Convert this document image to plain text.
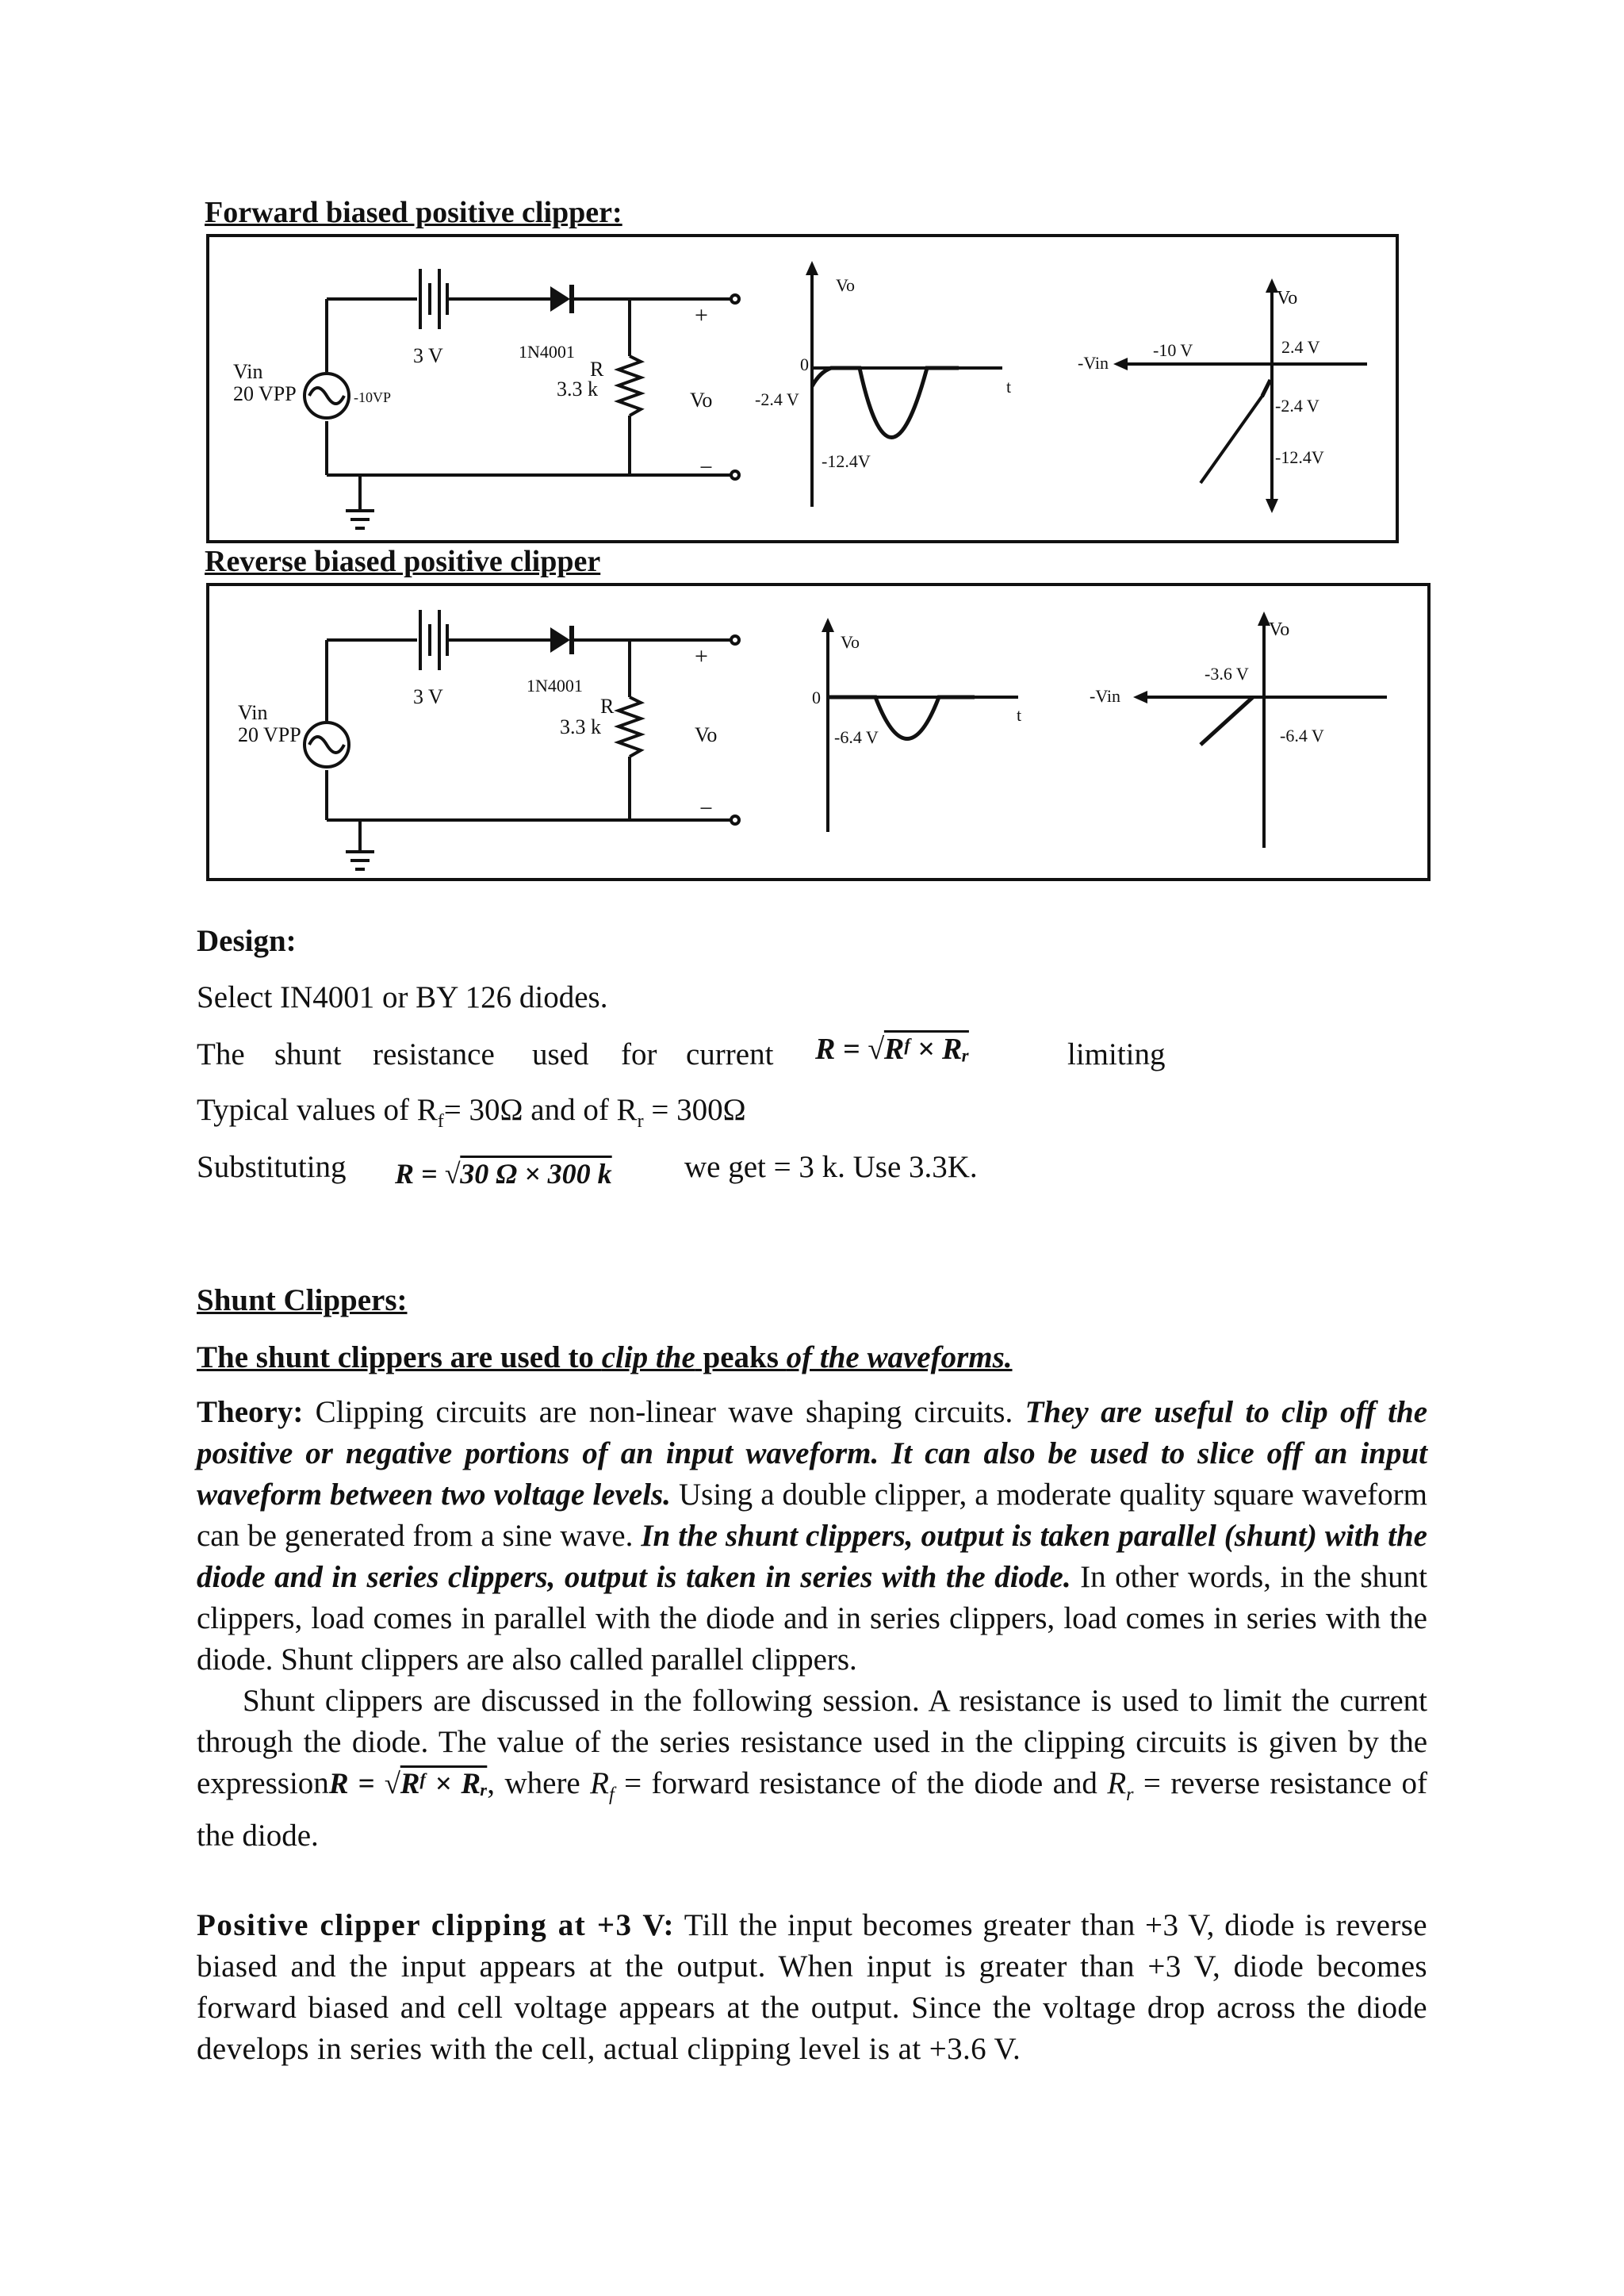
Forward biased positive clipper:
3 V	1N4001
R
3.3 k
Vin
20 VPP	-10VP
+
Vo
−
Vo
0
-2.4 V
-12.4V
t
Vo
-Vin
-10 V	2.4 V
-2.4 V
-12.4V
Reverse biased positive clipper
3 V	1N4001
R
3.3 k
Vin
20 VPP
+
Vo
−
Vo
0
-6.4 V
t
Vo
-Vin
-3.6 V
-6.4 V
Design:
Select IN4001 or BY 126 diodes.
The shunt resistance used for current R = √Rᶠ × Rᵣ	limiting
Typical values of $R_f= 30\Omega$ and of $R_r = 300\Omega$
Substituting R = √30 Ω × 300 k we get = 3 k. Use 3.3K.
Shunt Clippers:
The shunt clippers are used to clip the peaks of the waveforms.
Theory: Clipping circuits are non-linear wave shaping circuits. They are useful to clip off the positive or negative portions of an input waveform. It can also be used to slice off an input waveform between two voltage levels. Using a double clipper, a moderate quality square waveform can be generated from a sine wave. In the shunt clippers, output is taken parallel (shunt) with the diode and in series clippers, output is taken in series with the diode. In other words, in the shunt clippers, load comes in parallel with the diode and in series clippers, load comes in series with the diode. Shunt clippers are also called parallel clippers.
Shunt clippers are discussed in the following session. A resistance is used to limit the current through the diode. The value of the series resistance used in the clipping circuits is given by the expressionR = √Rᶠ × Rᵣ, where $R_f$ = forward resistance of the diode and $R_r$ = reverse resistance of the diode.
Positive clipper clipping at +3 V: Till the input becomes greater than +3 V, diode is reverse biased and the input appears at the output. When input is greater than +3 V, diode becomes forward biased and cell voltage appears at the output. Since the voltage drop across the diode develops in series with the cell, actual clipping level is at +3.6 V.
